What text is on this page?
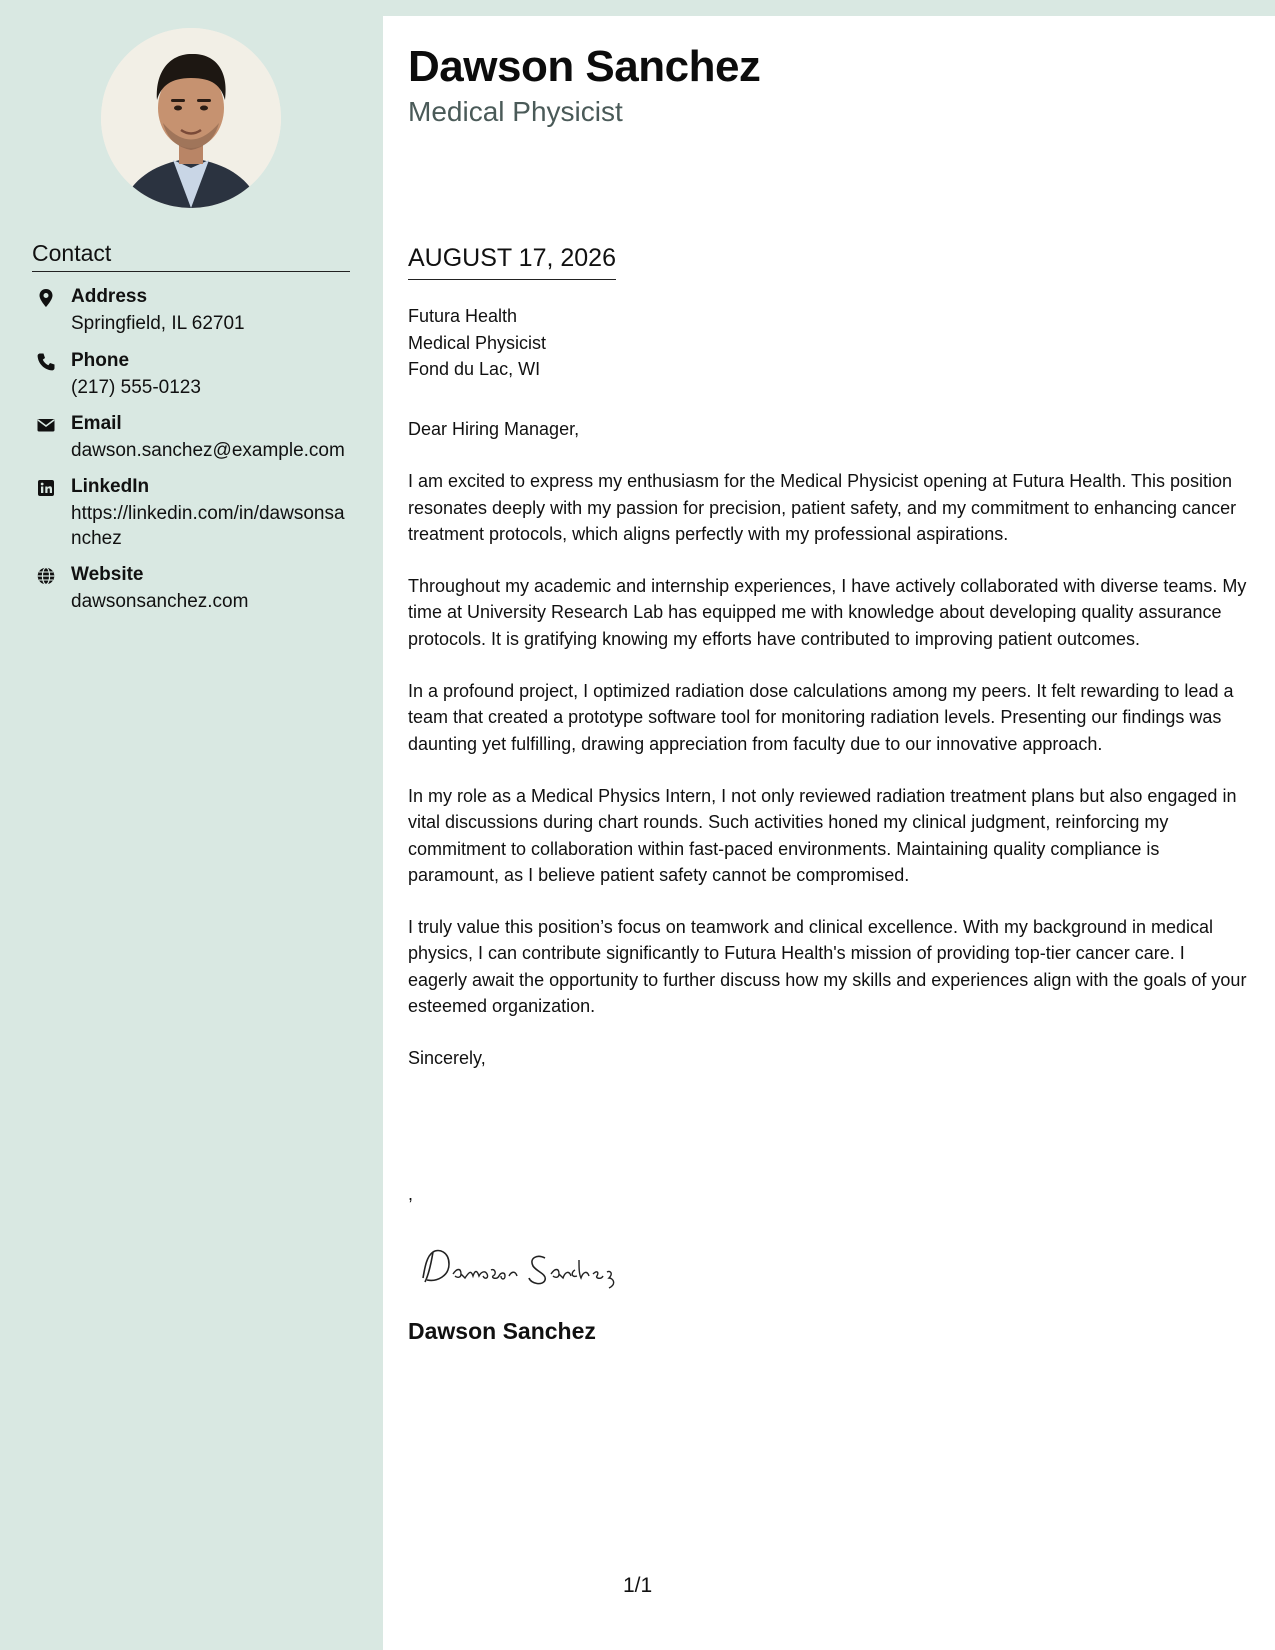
Contact
Address
Springfield, IL 62701
Phone
(217) 555-0123
Email
dawson.sanchez@example.com
LinkedIn
https://linkedin.com/in/dawsonsanchez
Website
dawsonsanchez.com
Dawson Sanchez
Medical Physicist
AUGUST 17, 2026
Futura Health
Medical Physicist
Fond du Lac, WI

Dear Hiring Manager,

I am excited to express my enthusiasm for the Medical Physicist opening at Futura Health. This position resonates deeply with my passion for precision, patient safety, and my commitment to enhancing cancer treatment protocols, which aligns perfectly with my professional aspirations.

Throughout my academic and internship experiences, I have actively collaborated with diverse teams. My time at University Research Lab has equipped me with knowledge about developing quality assurance protocols. It is gratifying knowing my efforts have contributed to improving patient outcomes.

In a profound project, I optimized radiation dose calculations among my peers. It felt rewarding to lead a team that created a prototype software tool for monitoring radiation levels. Presenting our findings was daunting yet fulfilling, drawing appreciation from faculty due to our innovative approach.

In my role as a Medical Physics Intern, I not only reviewed radiation treatment plans but also engaged in vital discussions during chart rounds. Such activities honed my clinical judgment, reinforcing my commitment to collaboration within fast-paced environments. Maintaining quality compliance is paramount, as I believe patient safety cannot be compromised.

I truly value this position’s focus on teamwork and clinical excellence. With my background in medical physics, I can contribute significantly to Futura Health's mission of providing top-tier cancer care. I eagerly await the opportunity to further discuss how my skills and experiences align with the goals of your esteemed organization.

Sincerely,

,
Dawson Sanchez
1/1
